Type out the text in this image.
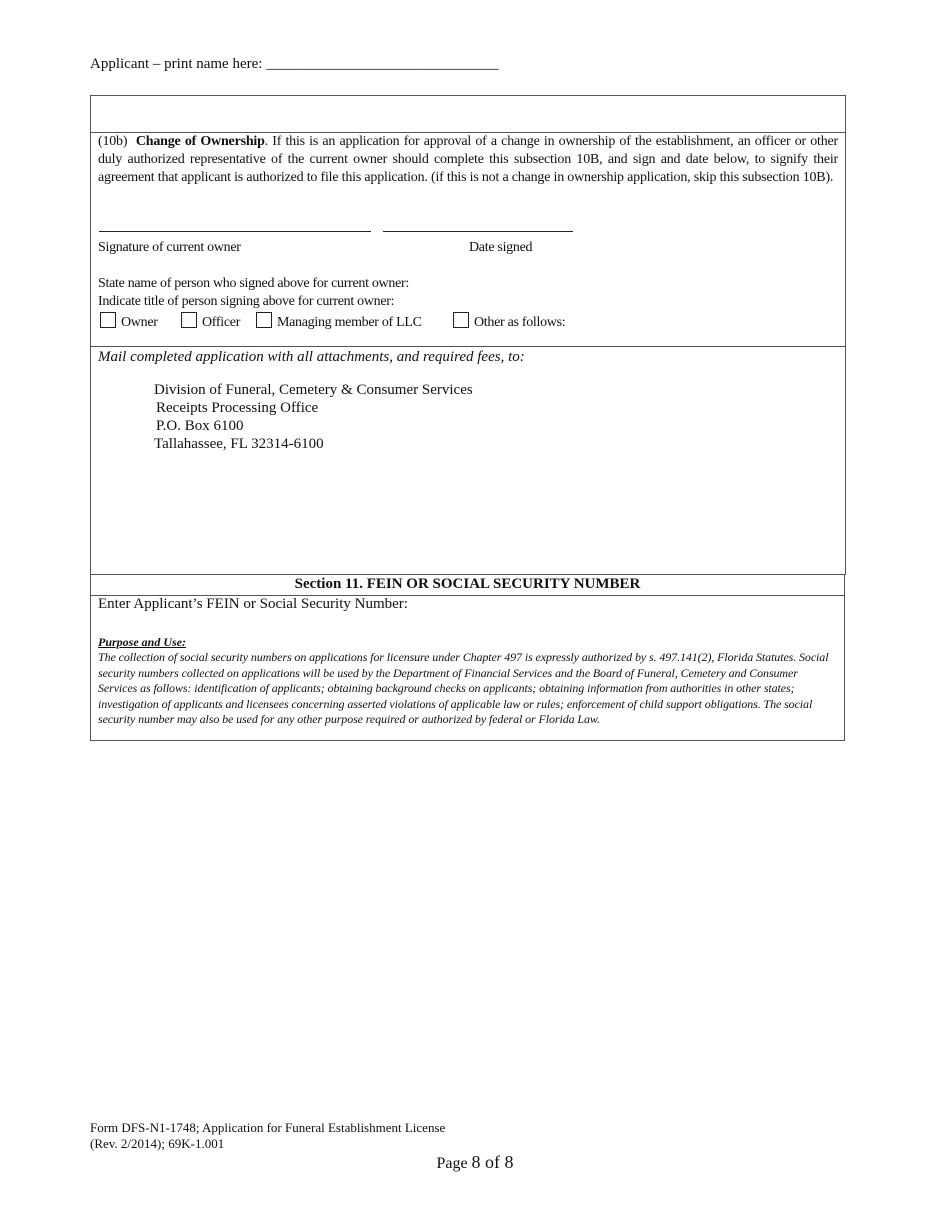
Applicant – print name here: _______________________________
(10b) Change of Ownership. If this is an application for approval of a change in ownership of the establishment, an officer or other duly authorized representative of the current owner should complete this subsection 10B, and sign and date below, to signify their agreement that applicant is authorized to file this application. (if this is not a change in ownership application, skip this subsection 10B).
Signature of current owner	Date signed
State name of person who signed above for current owner:
Indicate title of person signing above for current owner:
Owner	Officer	Managing member of LLC	Other as follows:
Mail completed application with all attachments, and required fees, to:
Division of Funeral, Cemetery & Consumer Services
Receipts Processing Office
P.O. Box 6100
Tallahassee, FL 32314-6100
Section 11. FEIN OR SOCIAL SECURITY NUMBER
Enter Applicant’s FEIN or Social Security Number:
Purpose and Use:
The collection of social security numbers on applications for licensure under Chapter 497 is expressly authorized by s. 497.141(2), Florida Statutes. Social security numbers collected on applications will be used by the Department of Financial Services and the Board of Funeral, Cemetery and Consumer Services as follows: identification of applicants; obtaining background checks on applicants; obtaining information from authorities in other states; investigation of applicants and licensees concerning asserted violations of applicable law or rules; enforcement of child support obligations. The social security number may also be used for any other purpose required or authorized by federal or Florida Law.
Form DFS-N1-1748; Application for Funeral Establishment License
(Rev. 2/2014); 69K-1.001
Page 8 of 8
